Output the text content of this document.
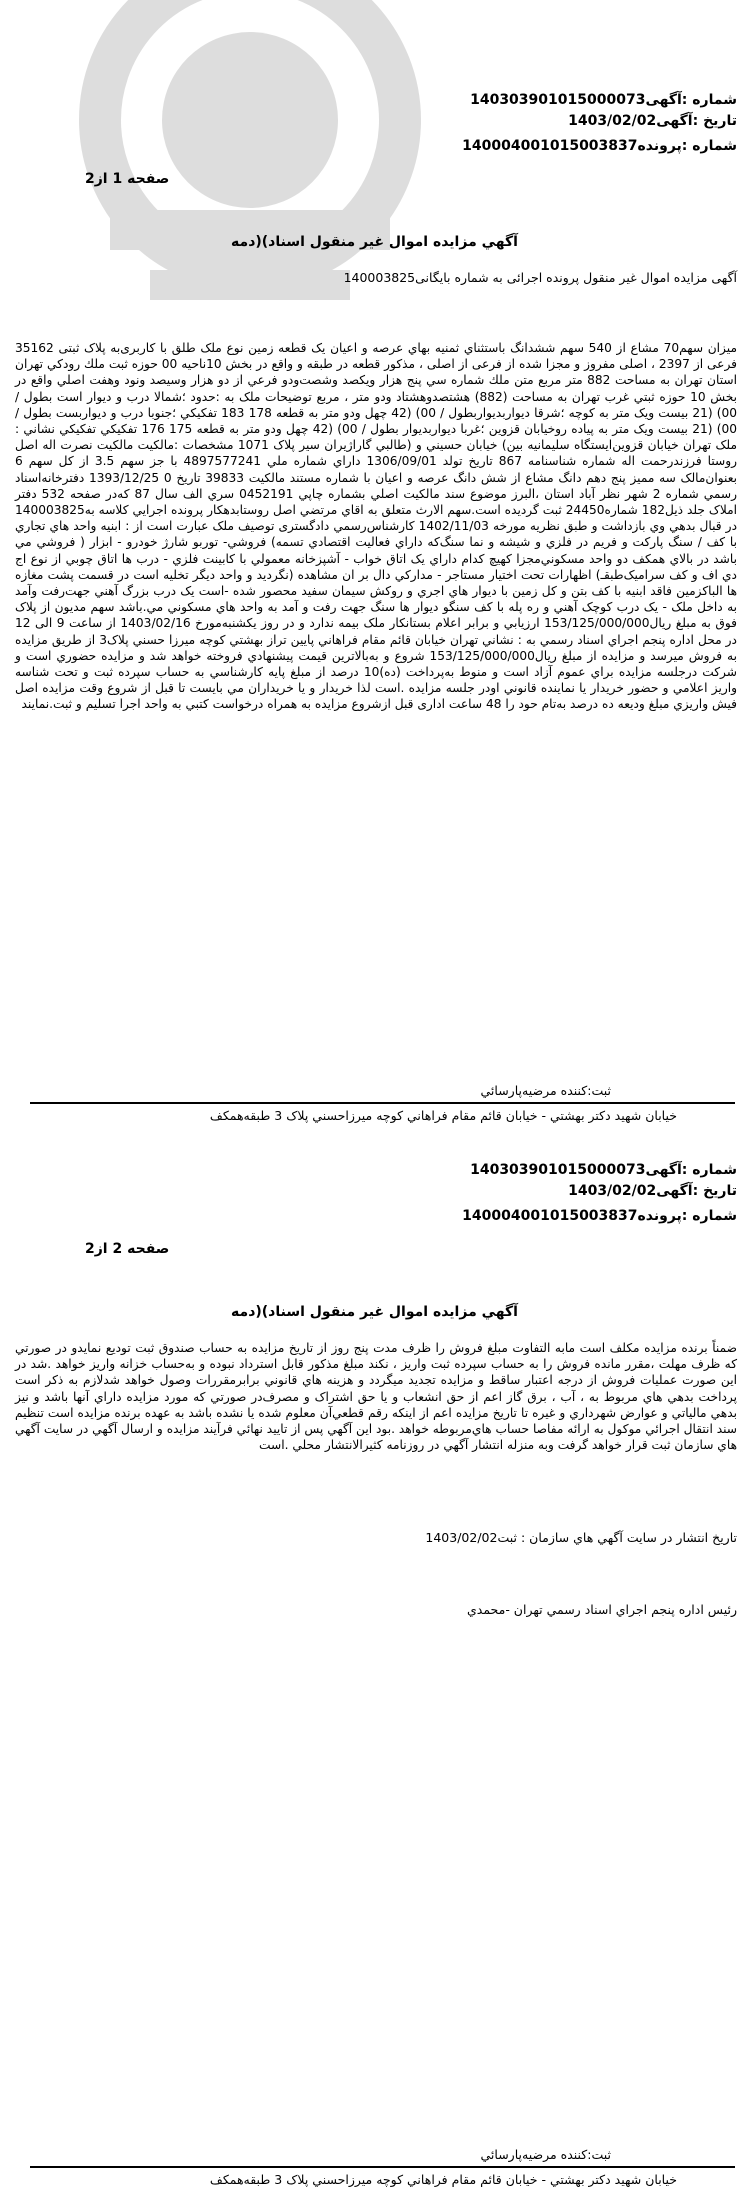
شماره :آگهی140303901015000073
تاریخ :آگهی1403/02/02
شماره :پرونده140004001015003837
صفحه 1 از2
آگهي مزايده اموال غير منقول اسناد)(دمه
آگهی مزایده اموال غیر منقول پرونده اجرائی به شماره بایگانی140003825
میزان سهم70 مشاع از 540 سهم ششدانگ باستثناي ثمنيه بهاي عرصه و اعيان يک قطعه زمين نوع ملک طلق با کاربری‌به پلاک ثبتی 35162 فرعی از 2397 ، اصلی مفروز و مجزا شده از فرعی از اصلی ، مذکور قطعه در طبقه و واقع در بخش 10ناحیه 00 حوزه ثبت ملك رودکي تهران استان تهران به مساحت 882 متر مربع متن ملك شماره سي پنج هزار ويكصد وشصت‌ودو فرعي از دو هزار وسيصد ونود وهفت اصلي واقع در بخش 10 حوزه ثبتي غرب تهران به مساحت (882) هشتصدوهشتاد ودو متر ، مربع توضيحات ملک به :حدود ؛شمالا درب و ديوار است بطول / 00) (21 بيست ويک متر به کوچه ؛شرقا ديواربديواربطول / 00) (42 چهل ودو متر به قطعه 178 183 تفکيکي ؛جنوبا درب و ديواربست بطول / 00) (21 بيست ويک متر به پياده روخيابان قزوين ؛غربا ديواربديوار بطول / 00) (42 چهل ودو متر به قطعه 175 176 تفکيکي تفکيکي نشاني : ملک تهران خيابان قزوين‌ايستگاه سليمانيه بين) خيابان حسيني و (طالبي گاراژيران سير پلاک 1071 مشخصات :مالکيت مالکيت نصرت اله اصل روستا فرزندرحمت اله شماره شناسنامه 867 تاريخ تولد 1306/09/01 داراي شماره ملي 4897577241 با جز سهم 3.5 از کل سهم 6 بعنوان‌مالک سه مميز پنج دهم دانگ مشاع از شش دانگ عرصه و اعيان با شماره مستند مالکيت 39833 تاريخ 0 1393/12/25 دفترخانه‌اسناد رسمي شماره 2 شهر نظر آباد استان ،البرز موضوع سند مالکيت اصلي بشماره چاپي 0452191 سري الف سال 87 که‌در صفحه 532 دفتر املاک جلد ذيل182 شماره24450 ثبت گرديده است.سهم الارث متعلق به اقاي مرتضي اصل روستابدهکار پرونده اجرايي کلاسه به140003825 در قبال بدهي وي بازداشت و طبق نظريه مورخه 1402/11/03 کارشناس‌رسمي دادگستری توصيف ملک عبارت است از : ابنيه واحد هاي تجاري با کف / سنگ پارکت و فريم در فلزي و شيشه و نما سنگ‌که داراي فعاليت اقتصادي تسمه) فروشي- توربو شارژ خودرو - ابزار ( فروشي مي باشد در بالاي همکف دو واحد مسکوني‌مجزا کهيچ کدام داراي يک اتاق خواب - آشپزخانه معمولي با کابينت فلزي - درب ها اتاق چوبي از نوع اج دي اف و کف سراميک‌طبقـ) اظهارات تحت اختيار مستاجر - مدارکي دال بر ان مشاهده (نگرديد و واحد ديگر تخليه است در قسمت پشت مغازه ها الباكزمين فاقد ابنيه با کف بتن و کل زمين با ديوار هاي اجري و روکش سيمان سفيد محصور شده -است يک درب بزرگ آهني جهت‌رفت وآمد به داخل ملک - يک درب کوچک آهني و ره پله با کف سنگو ديوار ها سنگ جهت رفت و آمد به واحد هاي مسکوني مي.باشد سهم مديون از پلاک فوق به مبلغ ريال153/125/000/000 ارزيابي و برابر اعلام بستانکار ملک بيمه ندارد و در روز يکشنبه‌مورخ 1403/02/16 از ساعت 9 الی 12 در محل اداره پنجم اجراي اسناد رسمي به : نشاني تهران خيابان قائم مقام فراهاني پايين تراز بهشتي کوچه ميرزا حسني پلاک3 از طريق مزايده به فروش ميرسد و مزايده از مبلغ ريال153/125/000/000 شروع و به‌بالاترين قيمت پيشنهادي فروخته خواهد شد و مزايده حضوري است و شرکت درجلسه مزايده براي عموم آزاد است و منوط به‌پرداخت (ده)10 درصد از مبلغ پايه کارشناسي به حساب سپرده ثبت و تحت شناسه واريز اعلامي و حضور خريدار يا نماينده قانوني اودر جلسه مزايده .است لذا خريدار و يا خريداران مي بايست تا قبل از شروع وقت مزايده اصل فيش واريزي مبلغ وديعه ده درصد به‌تام حود را 48 ساعت اداری قبل ازشروع مزايده به همراه درخواست کتبي به واحد اجرا تسليم و ثبت.نمايند
ثبت:کننده مرضيه‌پارسائي
خيابان شهيد دکتر بهشتي - خيابان قائم مقام فراهاني کوچه ميرزاحسني پلاک 3 طبقه‌همکف
شماره :آگهی140303901015000073
تاریخ :آگهی1403/02/02
شماره :پرونده140004001015003837
صفحه 2 از2
آگهي مزايده اموال غير منقول اسناد)(دمه
ضمناً برنده مزايده مکلف است مابه التفاوت مبلغ فروش را ظرف مدت پنج روز از تاريخ مزايده به حساب صندوق ثبت توديع نمايدو در صورتي که ظرف مهلت ،مقرر مانده فروش را به حساب سپرده ثبت واريز ، نکند مبلغ مذکور قابل استرداد نبوده و به‌حساب خزانه واريز خواهد .شد در اين صورت عمليات فروش از درجه اعتبار ساقط و مزايده تجديد ميگردد و هزينه هاي قانوني برابرمقررات وصول خواهد شدلازم به ذکر است پرداخت بدهي هاي مربوط به ، آب ، برق گاز اعم از حق انشعاب و يا حق اشتراک و مصرف‌در صورتي که مورد مزايده داراي آنها باشد و نيز بدهي مالياتي و عوارض شهرداري و غيره تا تاريخ مزايده اعم از اينکه رقم قطعي‌آن معلوم شده يا نشده باشد به عهده برنده مزايده است تنظيم سند انتقال اجرائي موکول به ارائه مفاصا حساب هاي‌مربوطه خواهد .بود اين آگهي پس از تاييد نهائي فرآيند مزايده و ارسال آگهي در سايت آگهي هاي سازمان ثبت قرار خواهد گرفت وبه منزله انتشار آگهي در روزنامه کثيرالانتشار محلي .است
تاريخ انتشار در سايت آگهي هاي سازمان : ثبت1403/02/02
رئيس اداره پنجم اجراي اسناد رسمي تهران -محمدي
ثبت:کننده مرضيه‌پارسائي
خيابان شهيد دکتر بهشتي - خيابان قائم مقام فراهاني کوچه ميرزاحسني پلاک 3 طبقه‌همکف
